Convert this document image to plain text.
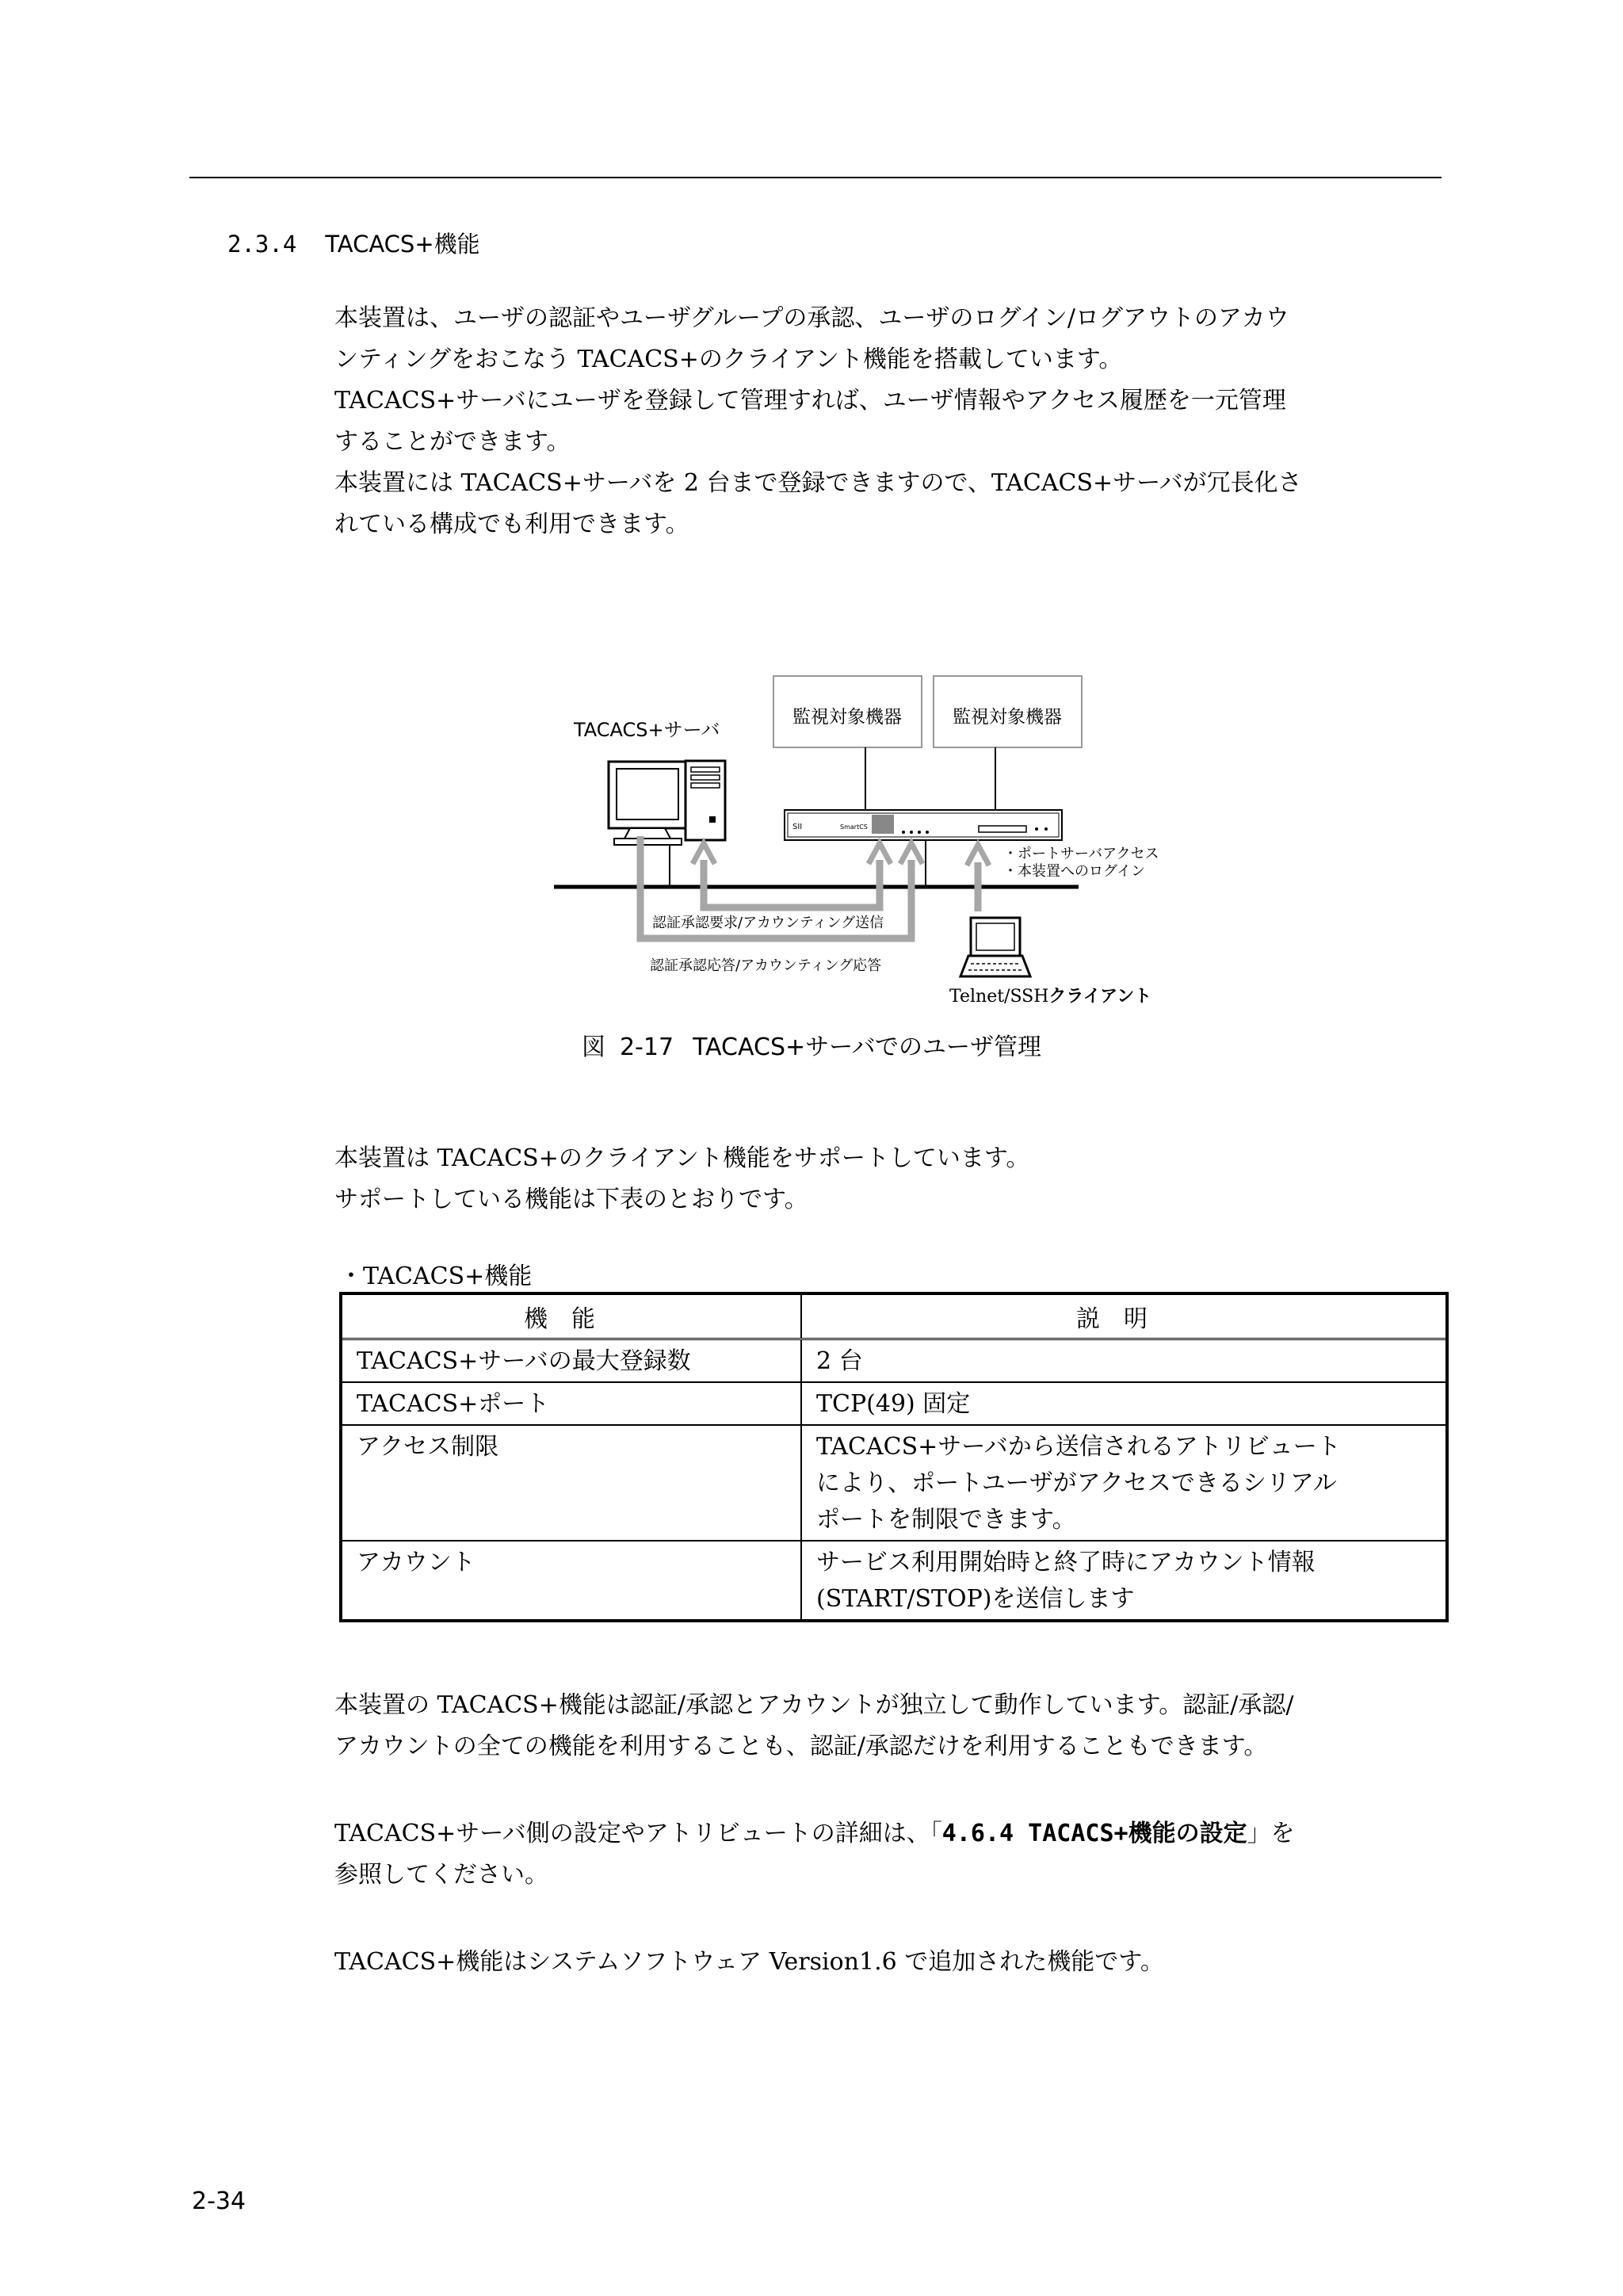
2.3.4 TACACS+機能

本装置は、ユーザの認証やユーザグループの承認、ユーザのログイン/ログアウトのアカウ
ンティングをおこなう TACACS+のクライアント機能を搭載しています。
TACACS+サーバにユーザを登録して管理すれば、ユーザ情報やアクセス履歴を一元管理
することができます。
本装置には TACACS+サーバを 2 台まで登録できますので、TACACS+サーバが冗長化さ
れている構成でも利用できます。

監視対象機器	監視対象機器
TACACS+サーバ
SII	SmartCS
・ポートサーバアクセス
・本装置へのログイン
認証承認要求/アカウンティング送信
認証承認応答/アカウンティング応答
Telnet/SSHクライアント
図 2-17 TACACS+サーバでのユーザ管理

本装置は TACACS+のクライアント機能をサポートしています。
サポートしている機能は下表のとおりです。

・TACACS+機能
機能	説明
TACACS+サーバの最大登録数	2 台
TACACS+ポート	TCP(49) 固定
アクセス制限	TACACS+サーバから送信されるアトリビュート
により、ポートユーザがアクセスできるシリアル
ポートを制限できます。

アカウント	サービス利用開始時と終了時にアカウント情報
(START/STOP)を送信します

本装置の TACACS+機能は認証/承認とアカウントが独立して動作しています。認証/承認/
アカウントの全ての機能を利用することも、認証/承認だけを利用することもできます。

TACACS+サーバ側の設定やアトリビュートの詳細は、「4.6.4 TACACS+機能の設定」を
参照してください。

TACACS+機能はシステムソフトウェア Version1.6 で追加された機能です。

2-34
